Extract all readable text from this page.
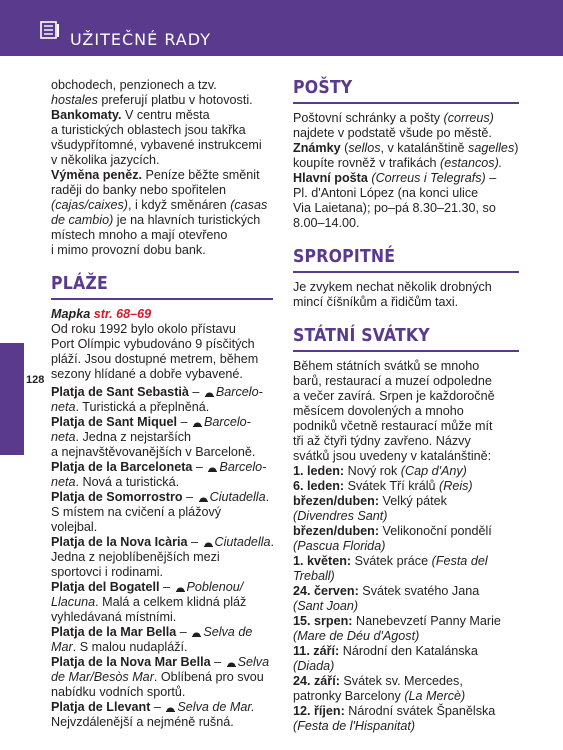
UŽITEČNÉ RADY
128

obchodech, penzionech a tzv.
hostales preferují platbu v hotovosti.
Bankomaty. V centru města
a turistických oblastech jsou takřka
všudypřítomné, vybavené instrukcemi
v několika jazycích.
Výměna peněz. Peníze běžte směnit
raději do banky nebo spořitelen
(cajas/caixes), i když směnáren (casas
de cambio) je na hlavních turistických
místech mnoho a mají otevřeno
i mimo provozní dobu bank.

PLÁŽE

Mapka str. 68–69
Od roku 1992 bylo okolo přístavu
Port Olímpic vybudováno 9 písčitých
pláží. Jsou dostupné metrem, během
sezony hlídané a dobře vybavené.

Platja de Sant Sebastià – Barcelo-
neta. Turistická a přeplněná.
Platja de Sant Miquel – Barcelo-
neta. Jedna z nejstarších
a nejnavštěvovanějších v Barceloně.
Platja de la Barceloneta – Barcelo-
neta. Nová a turistická.
Platja de Somorrostro – Ciutadella.
S místem na cvičení a plážový
volejbal.
Platja de la Nova Icària – Ciutadella.
Jedna z nejoblíbenějších mezi
sportovci i rodinami.
Platja del Bogatell – Poblenou/
Llacuna. Malá a celkem klidná pláž
vyhledávaná místními.
Platja de la Mar Bella – Selva de
Mar. S malou nudapláží.
Platja de la Nova Mar Bella – Selva
de Mar/Besòs Mar. Oblíbená pro svou
nabídku vodních sportů.
Platja de Llevant – Selva de Mar.
Nejvzdálenější a nejméně rušná.
POŠTY

Poštovní schránky a pošty (correus)
najdete v podstatě všude po městě.
Známky (sellos, v katalánštině sagelles)
koupíte rovněž v trafikách (estancos).
Hlavní pošta (Correus i Telegrafs) –
Pl. d'Antoni López (na konci ulice
Via Laietana); po–pá 8.30–21.30, so
8.00–14.00.

SPROPITNÉ

Je zvykem nechat několik drobných
mincí číšníkům a řidičům taxi.

STÁTNÍ SVÁTKY

Během státních svátků se mnoho
barů, restaurací a muzeí odpoledne
a večer zavírá. Srpen je každoročně
měsícem dovolených a mnoho
podniků včetně restaurací může mít
tři až čtyři týdny zavřeno. Názvy
svátků jsou uvedeny v katalánštině:

1. leden: Nový rok (Cap d'Any)
6. leden: Svátek Tří králů (Reis)
březen/duben: Velký pátek
(Divendres Sant)
březen/duben: Velikonoční pondělí
(Pascua Florida)
1. květen: Svátek práce (Festa del
Treball)
24. červen: Svátek svatého Jana
(Sant Joan)
15. srpen: Nanebevzetí Panny Marie
(Mare de Déu d'Agost)
11. září: Národní den Katalánska
(Diada)
24. září: Svátek sv. Mercedes,
patronky Barcelony (La Mercè)
12. říjen: Národní svátek Španělska
(Festa de l'Hispanitat)
